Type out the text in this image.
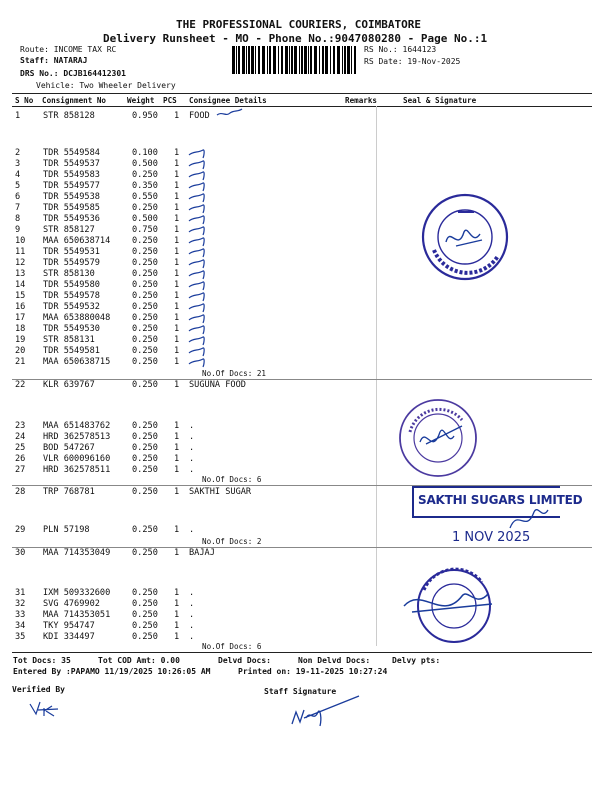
THE PROFESSIONAL COURIERS, COIMBATORE
Delivery Runsheet - MO - Phone No.:9047080280 - Page No.:1
Route: INCOME TAX RC
Staff: NATARAJ
DRS No.: DCJB164412301
Vehicle: Two Wheeler Delivery
RS No.: 1644123
RS Date: 19-Nov-2025
S No Consignment No	Weight PCS Consignee Details	Remarks	Seal & Signature
1	STR 858128	0.950 1 FOOD
2	TDR 5549584	0.100 1
3	TDR 5549537	0.500 1
4	TDR 5549583	0.250 1
5	TDR 5549577	0.350 1
6	TDR 5549538	0.550 1
7	TDR 5549585	0.250 1
8	TDR 5549536	0.500 1
9	STR 858127	0.750 1
10 MAA 650638714	0.250 1
11 TDR 5549531	0.250 1
12 TDR 5549579	0.250 1
13 STR 858130	0.250 1
14 TDR 5549580	0.250 1
15 TDR 5549578	0.250 1
16 TDR 5549532	0.250 1
17 MAA 653880048	0.250 1
18 TDR 5549530	0.250 1
19 STR 858131	0.250 1
20 TDR 5549581	0.250 1
21 MAA 650638715	0.250 1
No.Of Docs: 21
22 KLR 639767	0.250 1 SUGUNA FOOD
23 MAA 651483762	0.250 1 .
24 HRD 362578513	0.250 1 .
25 BOD 547267	0.250 1 .
26 VLR 600096160	0.250 1 .
27 HRD 362578511	0.250 1 .
No.Of Docs: 6
28 TRP 768781	0.250 1 SAKTHI SUGAR
29 PLN 57198	0.250 1 .
No.Of Docs: 2
30 MAA 714353049	0.250 1 BAJAJ
31 IXM 509332600	0.250 1 .
32 SVG 4769902	0.250 1 .
33 MAA 714353051	0.250 1 .
34 TKY 954747	0.250 1 .
35 KDI 334497	0.250 1 .
No.Of Docs: 6
Tot Docs: 35	Tot COD Amt: 0.00	Delvd Docs:	Non Delvd Docs:	Delvy pts:
Entered By :PAPAMO 11/19/2025 10:26:05 AM	Printed on: 19-11-2025 10:27:24
Verified By	Staff Signature
SAKTHI SUGARS LIMITED
1 NOV 2025
